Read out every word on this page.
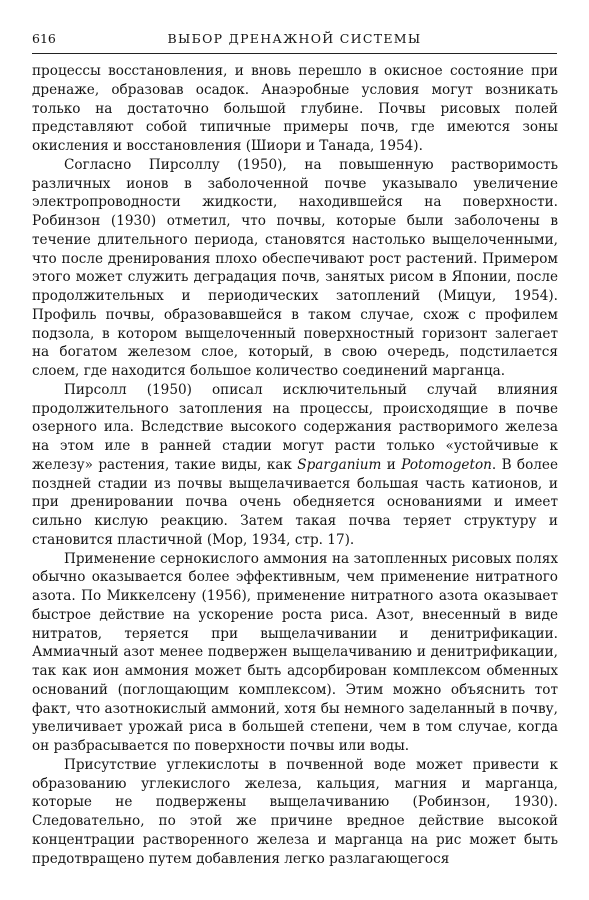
616	ВЫБОР ДРЕНАЖНОЙ СИСТЕМЫ

процессы восстановления, и вновь перешло в окисное состояние при дренаже, образовав осадок. Анаэробные условия могут возникать только на достаточно большой глубине. Почвы рисовых полей представляют собой типичные примеры почв, где имеются зоны окисления и восстановления (Шиори и Танада, 1954).

Согласно Пирсоллу (1950), на повышенную растворимость различных ионов в заболоченной почве указывало увеличение электропроводности жидкости, находившейся на поверхности. Робинзон (1930) отметил, что почвы, которые были заболочены в течение длительного периода, становятся настолько выщелоченными, что после дренирования плохо обеспечивают рост растений. Примером этого может служить деградация почв, занятых рисом в Японии, после продолжительных и периодических затоплений (Мицуи, 1954). Профиль почвы, образовавшейся в таком случае, схож с профилем подзола, в котором выщелоченный поверхностный горизонт залегает на богатом железом слое, который, в свою очередь, подстилается слоем, где находится большое количество соединений марганца.

Пирсолл (1950) описал исключительный случай влияния продолжительного затопления на процессы, происходящие в почве озерного ила. Вследствие высокого содержания растворимого железа на этом иле в ранней стадии могут расти только «устойчивые к железу» растения, такие виды, как Sparganium и Potomogeton. В более поздней стадии из почвы выщелачивается большая часть катионов, и при дренировании почва очень обедняется основаниями и имеет сильно кислую реакцию. Затем такая почва теряет структуру и становится пластичной (Мор, 1934, стр. 17).

Применение сернокислого аммония на затопленных рисовых полях обычно оказывается более эффективным, чем применение нитратного азота. По Миккелсену (1956), применение нитратного азота оказывает быстрое действие на ускорение роста риса. Азот, внесенный в виде нитратов, теряется при выщелачивании и денитрификации. Аммиачный азот менее подвержен выщелачиванию и денитрификации, так как ион аммония может быть адсорбирован комплексом обменных оснований (поглощающим комплексом). Этим можно объяснить тот факт, что азотнокислый аммоний, хотя бы немного заделанный в почву, увеличивает урожай риса в большей степени, чем в том случае, когда он разбрасывается по поверхности почвы или воды.

Присутствие углекислоты в почвенной воде может привести к образованию углекислого железа, кальция, магния и марганца, которые не подвержены выщелачиванию (Робинзон, 1930). Следовательно, по этой же причине вредное действие высокой концентрации растворенного железа и марганца на рис может быть предотвращено путем добавления легко разлагающегося
